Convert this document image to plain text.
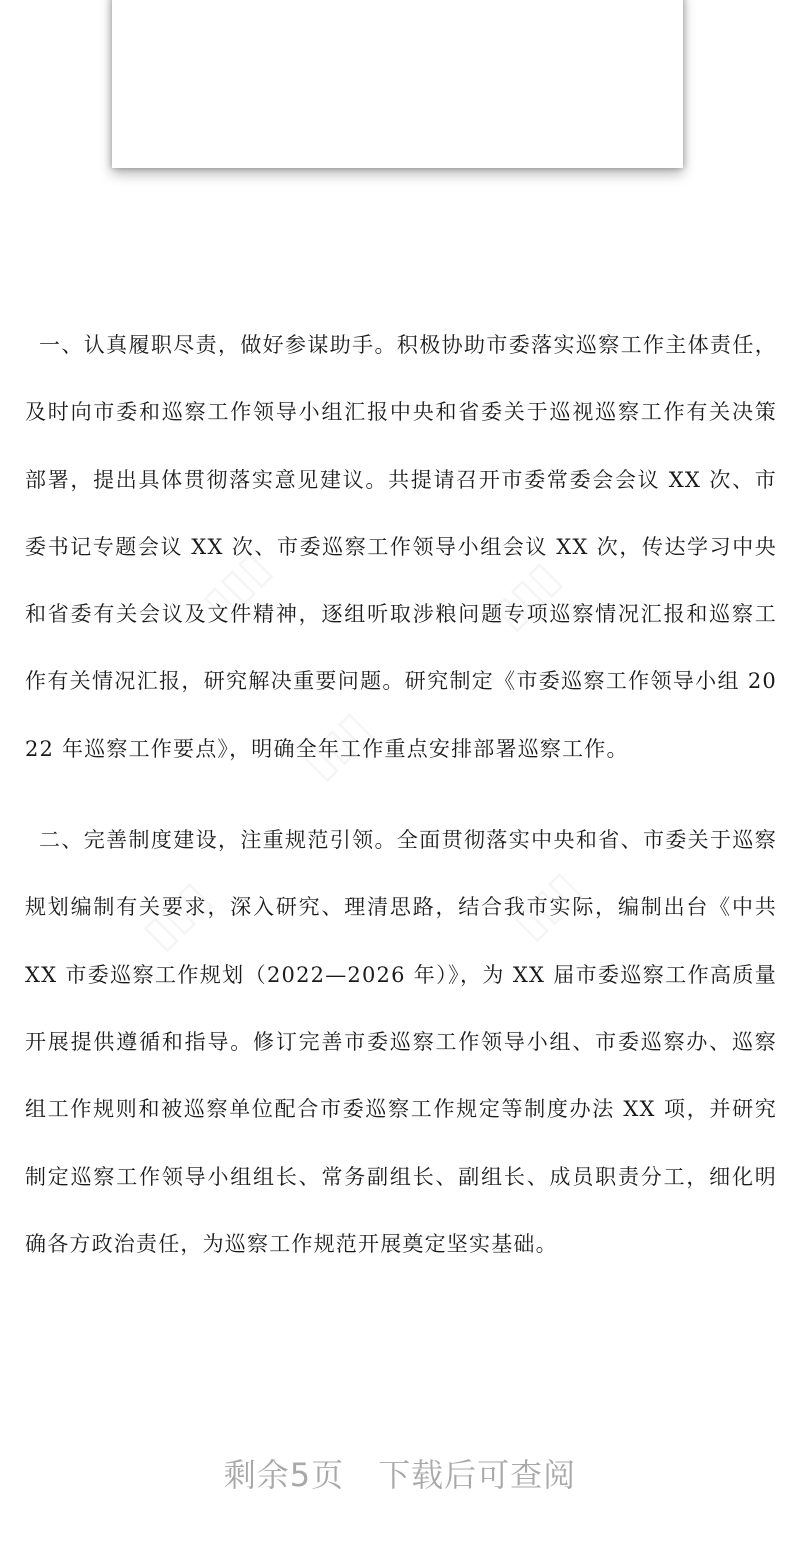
▯▯▯	▯▯▯
▯▯▯
▯▯▯	▯▯▯

一、认真履职尽责，做好参谋助手。积极协助市委落实巡察工作主体责任，及时向市委和巡察工作领导小组汇报中央和省委关于巡视巡察工作有关决策部署，提出具体贯彻落实意见建议。共提请召开市委常委会会议 XX 次、市委书记专题会议 XX 次、市委巡察工作领导小组会议 XX 次，传达学习中央和省委有关会议及文件精神，逐组听取涉粮问题专项巡察情况汇报和巡察工作有关情况汇报，研究解决重要问题。研究制定《市委巡察工作领导小组 2022 年巡察工作要点》，明确全年工作重点安排部署巡察工作。

二、完善制度建设，注重规范引领。全面贯彻落实中央和省、市委关于巡察规划编制有关要求，深入研究、理清思路，结合我市实际，编制出台《中共 XX 市委巡察工作规划（2022—2026 年）》，为 XX 届市委巡察工作高质量开展提供遵循和指导。修订完善市委巡察工作领导小组、市委巡察办、巡察组工作规则和被巡察单位配合市委巡察工作规定等制度办法 XX 项，并研究制定巡察工作领导小组组长、常务副组长、副组长、成员职责分工，细化明确各方政治责任，为巡察工作规范开展奠定坚实基础。

剩余5页 下载后可查阅
